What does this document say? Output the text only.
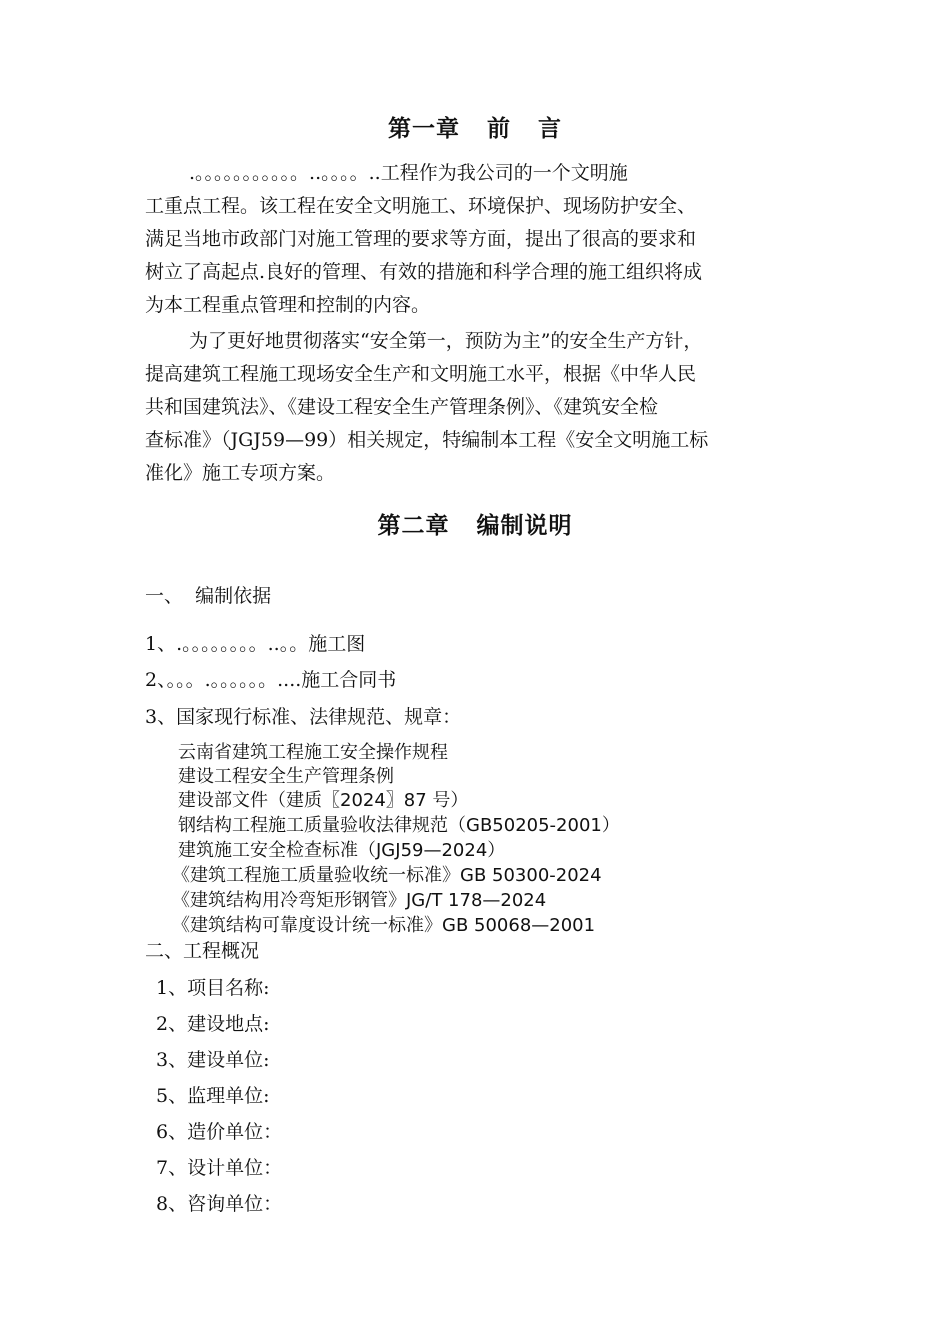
第一章   前   言
.。。。。。。。。。。。..。。。。..工程作为我公司的一个文明施
工重点工程。该工程在安全文明施工、环境保护、现场防护安全、
满足当地市政部门对施工管理的要求等方面，提出了很高的要求和
树立了高起点.良好的管理、有效的措施和科学合理的施工组织将成
为本工程重点管理和控制的内容。
为了更好地贯彻落实“安全第一，预防为主”的安全生产方针，
提高建筑工程施工现场安全生产和文明施工水平，根据《中华人民
共和国建筑法》、《建设工程安全生产管理条例》、《建筑安全检
查标准》（JGJ59—99）相关规定，特编制本工程《安全文明施工标
准化》施工专项方案。
第二章   编制说明
一、  编制依据
1、.。。。。。。。。..。。施工图
2、。。。.。。。。。。....施工合同书
3、国家现行标准、法律规范、规章：
云南省建筑工程施工安全操作规程
建设工程安全生产管理条例
建设部文件（建质〖2024〗87 号）
钢结构工程施工质量验收法律规范（GB50205-2001）
建筑施工安全检查标准（JGJ59—2024）
《建筑工程施工质量验收统一标准》GB 50300-2024
《建筑结构用冷弯矩形钢管》JG/T 178—2024
《建筑结构可靠度设计统一标准》GB 50068—2001
二、工程概况
1、项目名称:
2、建设地点:
3、建设单位:
5、监理单位:
6、造价单位：
7、设计单位：
8、咨询单位：
